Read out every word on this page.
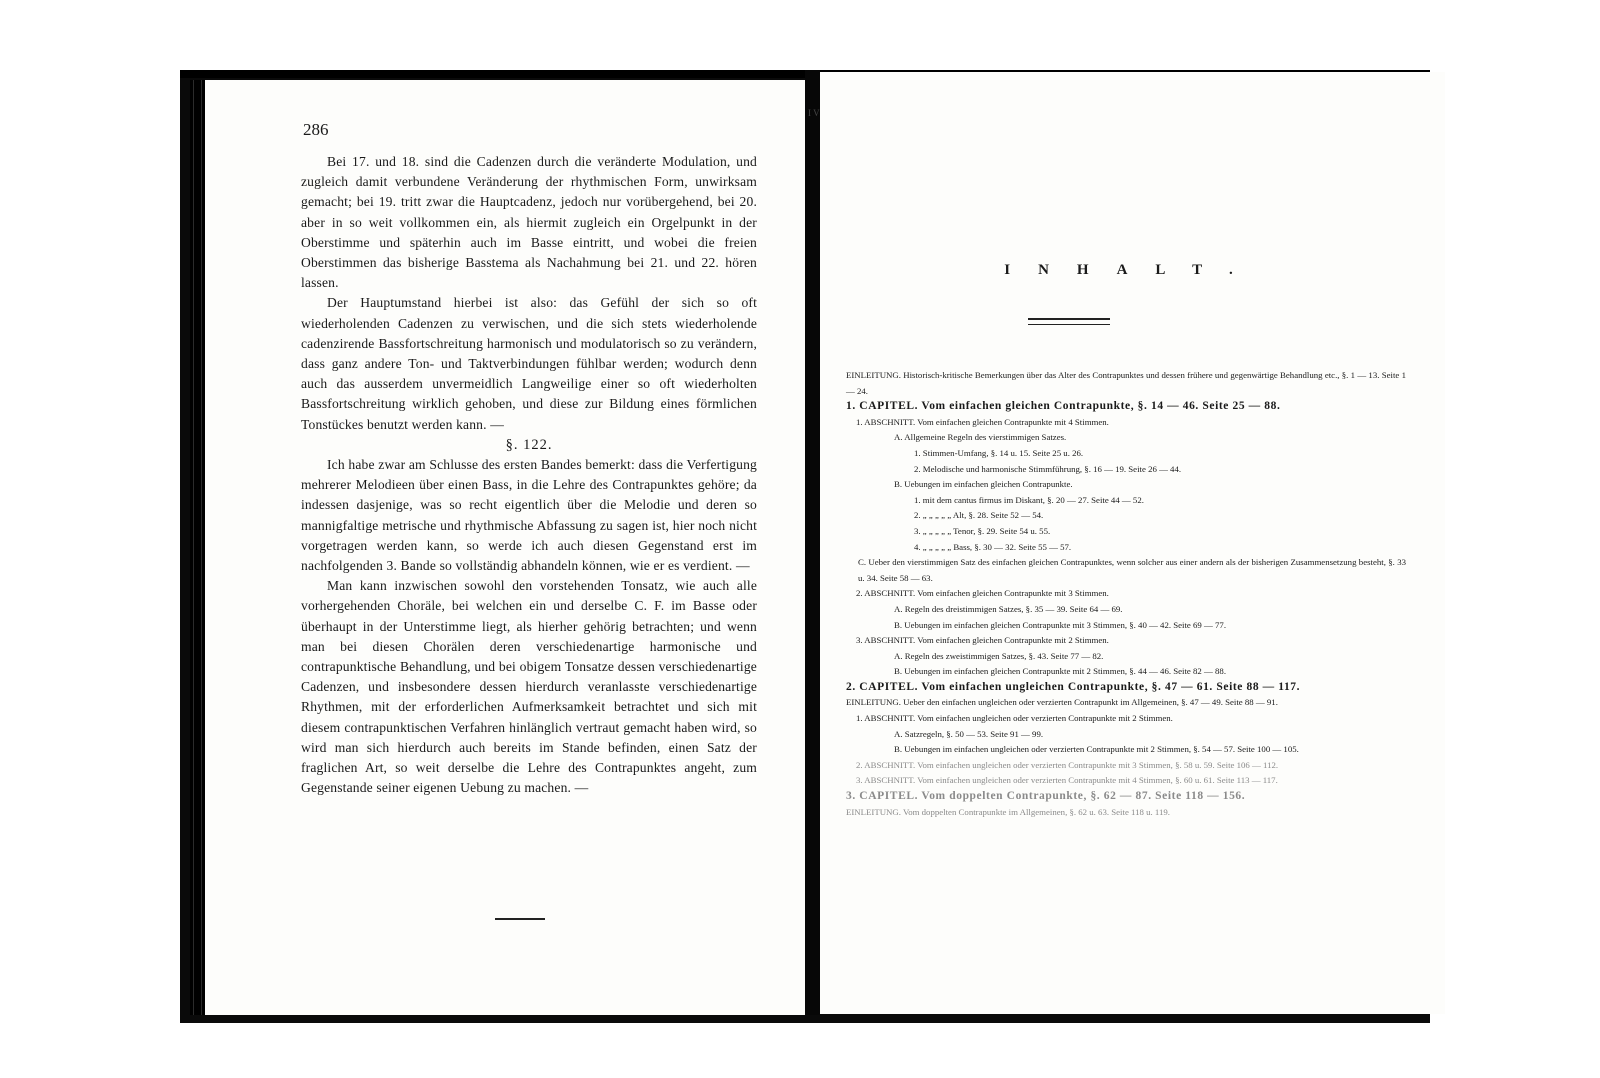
286

Bei 17. und 18. sind die Cadenzen durch die veränderte Modulation, und zugleich damit verbundene Veränderung der rhythmischen Form, unwirksam gemacht; bei 19. tritt zwar die Hauptcadenz, jedoch nur vorübergehend, bei 20. aber in so weit vollkommen ein, als hiermit zugleich ein Orgelpunkt in der Oberstimme und späterhin auch im Basse eintritt, und wobei die freien Oberstimmen das bisherige Basstema als Nachahmung bei 21. und 22. hören lassen.

Der Hauptumstand hierbei ist also: das Gefühl der sich so oft wiederholenden Cadenzen zu verwischen, und die sich stets wiederholende cadenzirende Bassfortschreitung harmonisch und modulatorisch so zu verändern, dass ganz andere Ton- und Taktverbindungen fühlbar werden; wodurch denn auch das ausserdem unvermeidlich Langweilige einer so oft wiederholten Bassfortschreitung wirklich gehoben, und diese zur Bildung eines förmlichen Tonstückes benutzt werden kann. —

§. 122.

Ich habe zwar am Schlusse des ersten Bandes bemerkt: dass die Verfertigung mehrerer Melodieen über einen Bass, in die Lehre des Contrapunktes gehöre; da indessen dasjenige, was so recht eigentlich über die Melodie und deren so mannigfaltige metrische und rhythmische Abfassung zu sagen ist, hier noch nicht vorgetragen werden kann, so werde ich auch diesen Gegenstand erst im nachfolgenden 3. Bande so vollständig abhandeln können, wie er es verdient. —

Man kann inzwischen sowohl den vorstehenden Tonsatz, wie auch alle vorhergehenden Choräle, bei welchen ein und derselbe C. F. im Basse oder überhaupt in der Unterstimme liegt, als hierher gehörig betrachten; und wenn man bei diesen Chorälen deren verschiedenartige harmonische und contrapunktische Behandlung, und bei obigem Tonsatze dessen verschiedenartige Cadenzen, und insbesondere dessen hierdurch veranlasste verschiedenartige Rhythmen, mit der erforderlichen Aufmerksamkeit betrachtet und sich mit diesem contrapunktischen Verfahren hinlänglich vertraut gemacht haben wird, so wird man sich hierdurch auch bereits im Stande befinden, einen Satz der fraglichen Art, so weit derselbe die Lehre des Contrapunktes angeht, zum Gegenstande seiner eigenen Uebung zu machen. —

I V
INHALT.
EINLEITUNG. Historisch-kritische Bemerkungen über das Alter des Contrapunktes und dessen frühere und gegenwärtige Behandlung etc., §. 1 — 13. Seite 1 — 24.
1. CAPITEL. Vom einfachen gleichen Contrapunkte, §. 14 — 46. Seite 25 — 88.
1. ABSCHNITT. Vom einfachen gleichen Contrapunkte mit 4 Stimmen.
A. Allgemeine Regeln des vierstimmigen Satzes.
1. Stimmen-Umfang, §. 14 u. 15. Seite 25 u. 26.
2. Melodische und harmonische Stimmführung, §. 16 — 19. Seite 26 — 44.
B. Uebungen im einfachen gleichen Contrapunkte.
1. mit dem cantus firmus im Diskant, §. 20 — 27. Seite 44 — 52.
2. „ „ „ „ „ Alt, §. 28. Seite 52 — 54.
3. „ „ „ „ „ Tenor, §. 29. Seite 54 u. 55.
4. „ „ „ „ „ Bass, §. 30 — 32. Seite 55 — 57.
C. Ueber den vierstimmigen Satz des einfachen gleichen Contrapunktes, wenn solcher aus einer andern als der bisherigen Zusammensetzung besteht, §. 33 u. 34. Seite 58 — 63.
2. ABSCHNITT. Vom einfachen gleichen Contrapunkte mit 3 Stimmen.
A. Regeln des dreistimmigen Satzes, §. 35 — 39. Seite 64 — 69.
B. Uebungen im einfachen gleichen Contrapunkte mit 3 Stimmen, §. 40 — 42. Seite 69 — 77.
3. ABSCHNITT. Vom einfachen gleichen Contrapunkte mit 2 Stimmen.
A. Regeln des zweistimmigen Satzes, §. 43. Seite 77 — 82.
B. Uebungen im einfachen gleichen Contrapunkte mit 2 Stimmen, §. 44 — 46. Seite 82 — 88.
2. CAPITEL. Vom einfachen ungleichen Contrapunkte, §. 47 — 61. Seite 88 — 117.
EINLEITUNG. Ueber den einfachen ungleichen oder verzierten Contrapunkt im Allgemeinen, §. 47 — 49. Seite 88 — 91.
1. ABSCHNITT. Vom einfachen ungleichen oder verzierten Contrapunkte mit 2 Stimmen.
A. Satzregeln, §. 50 — 53. Seite 91 — 99.
B. Uebungen im einfachen ungleichen oder verzierten Contrapunkte mit 2 Stimmen, §. 54 — 57. Seite 100 — 105.
2. ABSCHNITT. Vom einfachen ungleichen oder verzierten Contrapunkte mit 3 Stimmen, §. 58 u. 59. Seite 106 — 112.
3. ABSCHNITT. Vom einfachen ungleichen oder verzierten Contrapunkte mit 4 Stimmen, §. 60 u. 61. Seite 113 — 117.
3. CAPITEL. Vom doppelten Contrapunkte, §. 62 — 87. Seite 118 — 156.
EINLEITUNG. Vom doppelten Contrapunkte im Allgemeinen, §. 62 u. 63. Seite 118 u. 119.
